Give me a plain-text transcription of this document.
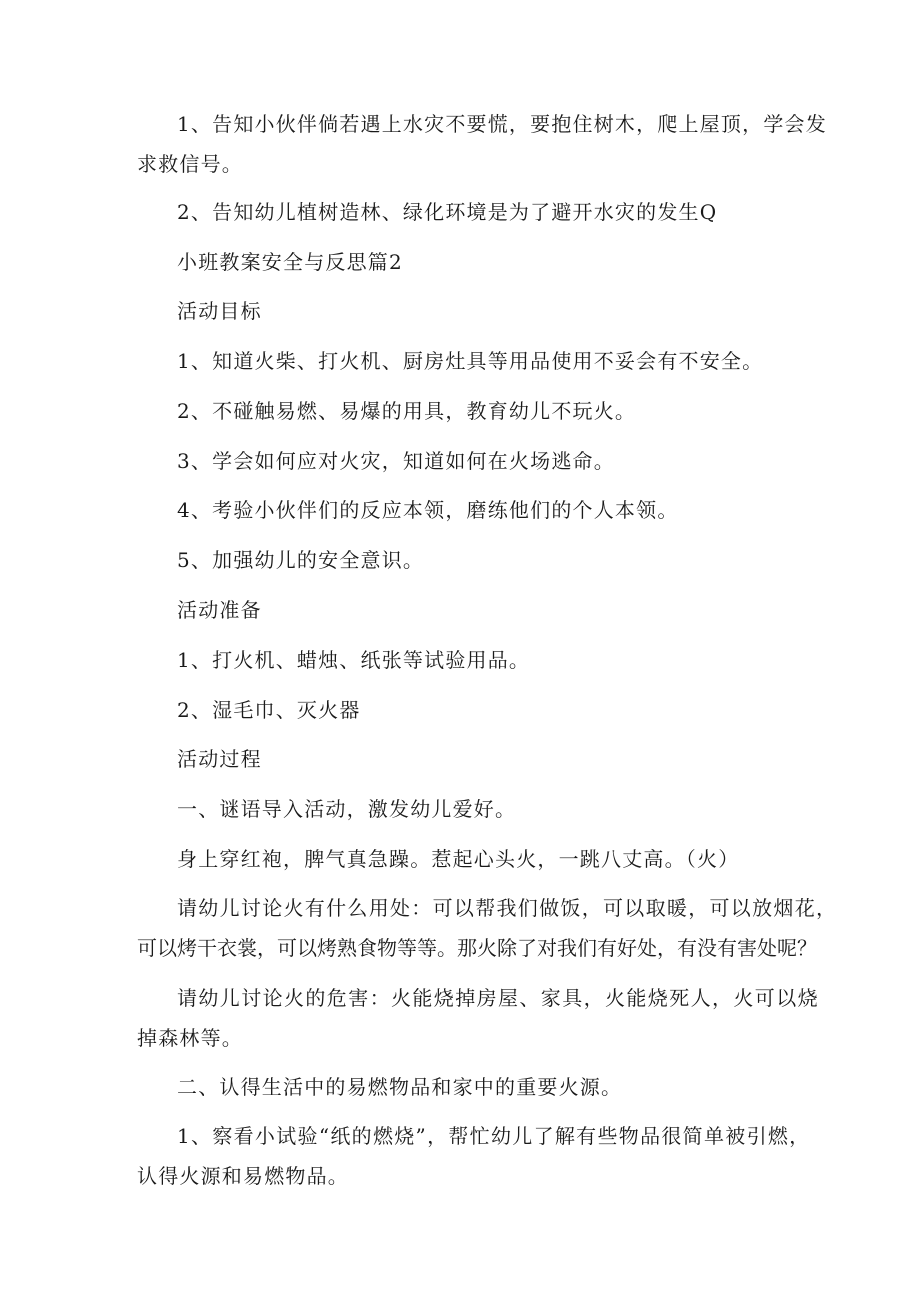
1、告知小伙伴倘若遇上水灾不要慌，要抱住树木，爬上屋顶，学会发
求救信号。

2、告知幼儿植树造林、绿化环境是为了避开水灾的发生Q

小班教案安全与反思篇2

活动目标

1、知道火柴、打火机、厨房灶具等用品使用不妥会有不安全。

2、不碰触易燃、易爆的用具，教育幼儿不玩火。

3、学会如何应对火灾，知道如何在火场逃命。

4、考验小伙伴们的反应本领，磨练他们的个人本领。

5、加强幼儿的安全意识。

活动准备

1、打火机、蜡烛、纸张等试验用品。

2、湿毛巾、灭火器

活动过程

一、谜语导入活动，激发幼儿爱好。

身上穿红袍，脾气真急躁。惹起心头火，一跳八丈高。（火）

请幼儿讨论火有什么用处：可以帮我们做饭，可以取暖，可以放烟花，
可以烤干衣裳，可以烤熟食物等等。那火除了对我们有好处，有没有害处呢？
请幼儿讨论火的危害：火能烧掉房屋、家具，火能烧死人，火可以烧
掉森林等。

二、认得生活中的易燃物品和家中的重要火源。

1、察看小试验“纸的燃烧”，帮忙幼儿了解有些物品很简单被引燃，
认得火源和易燃物品。
